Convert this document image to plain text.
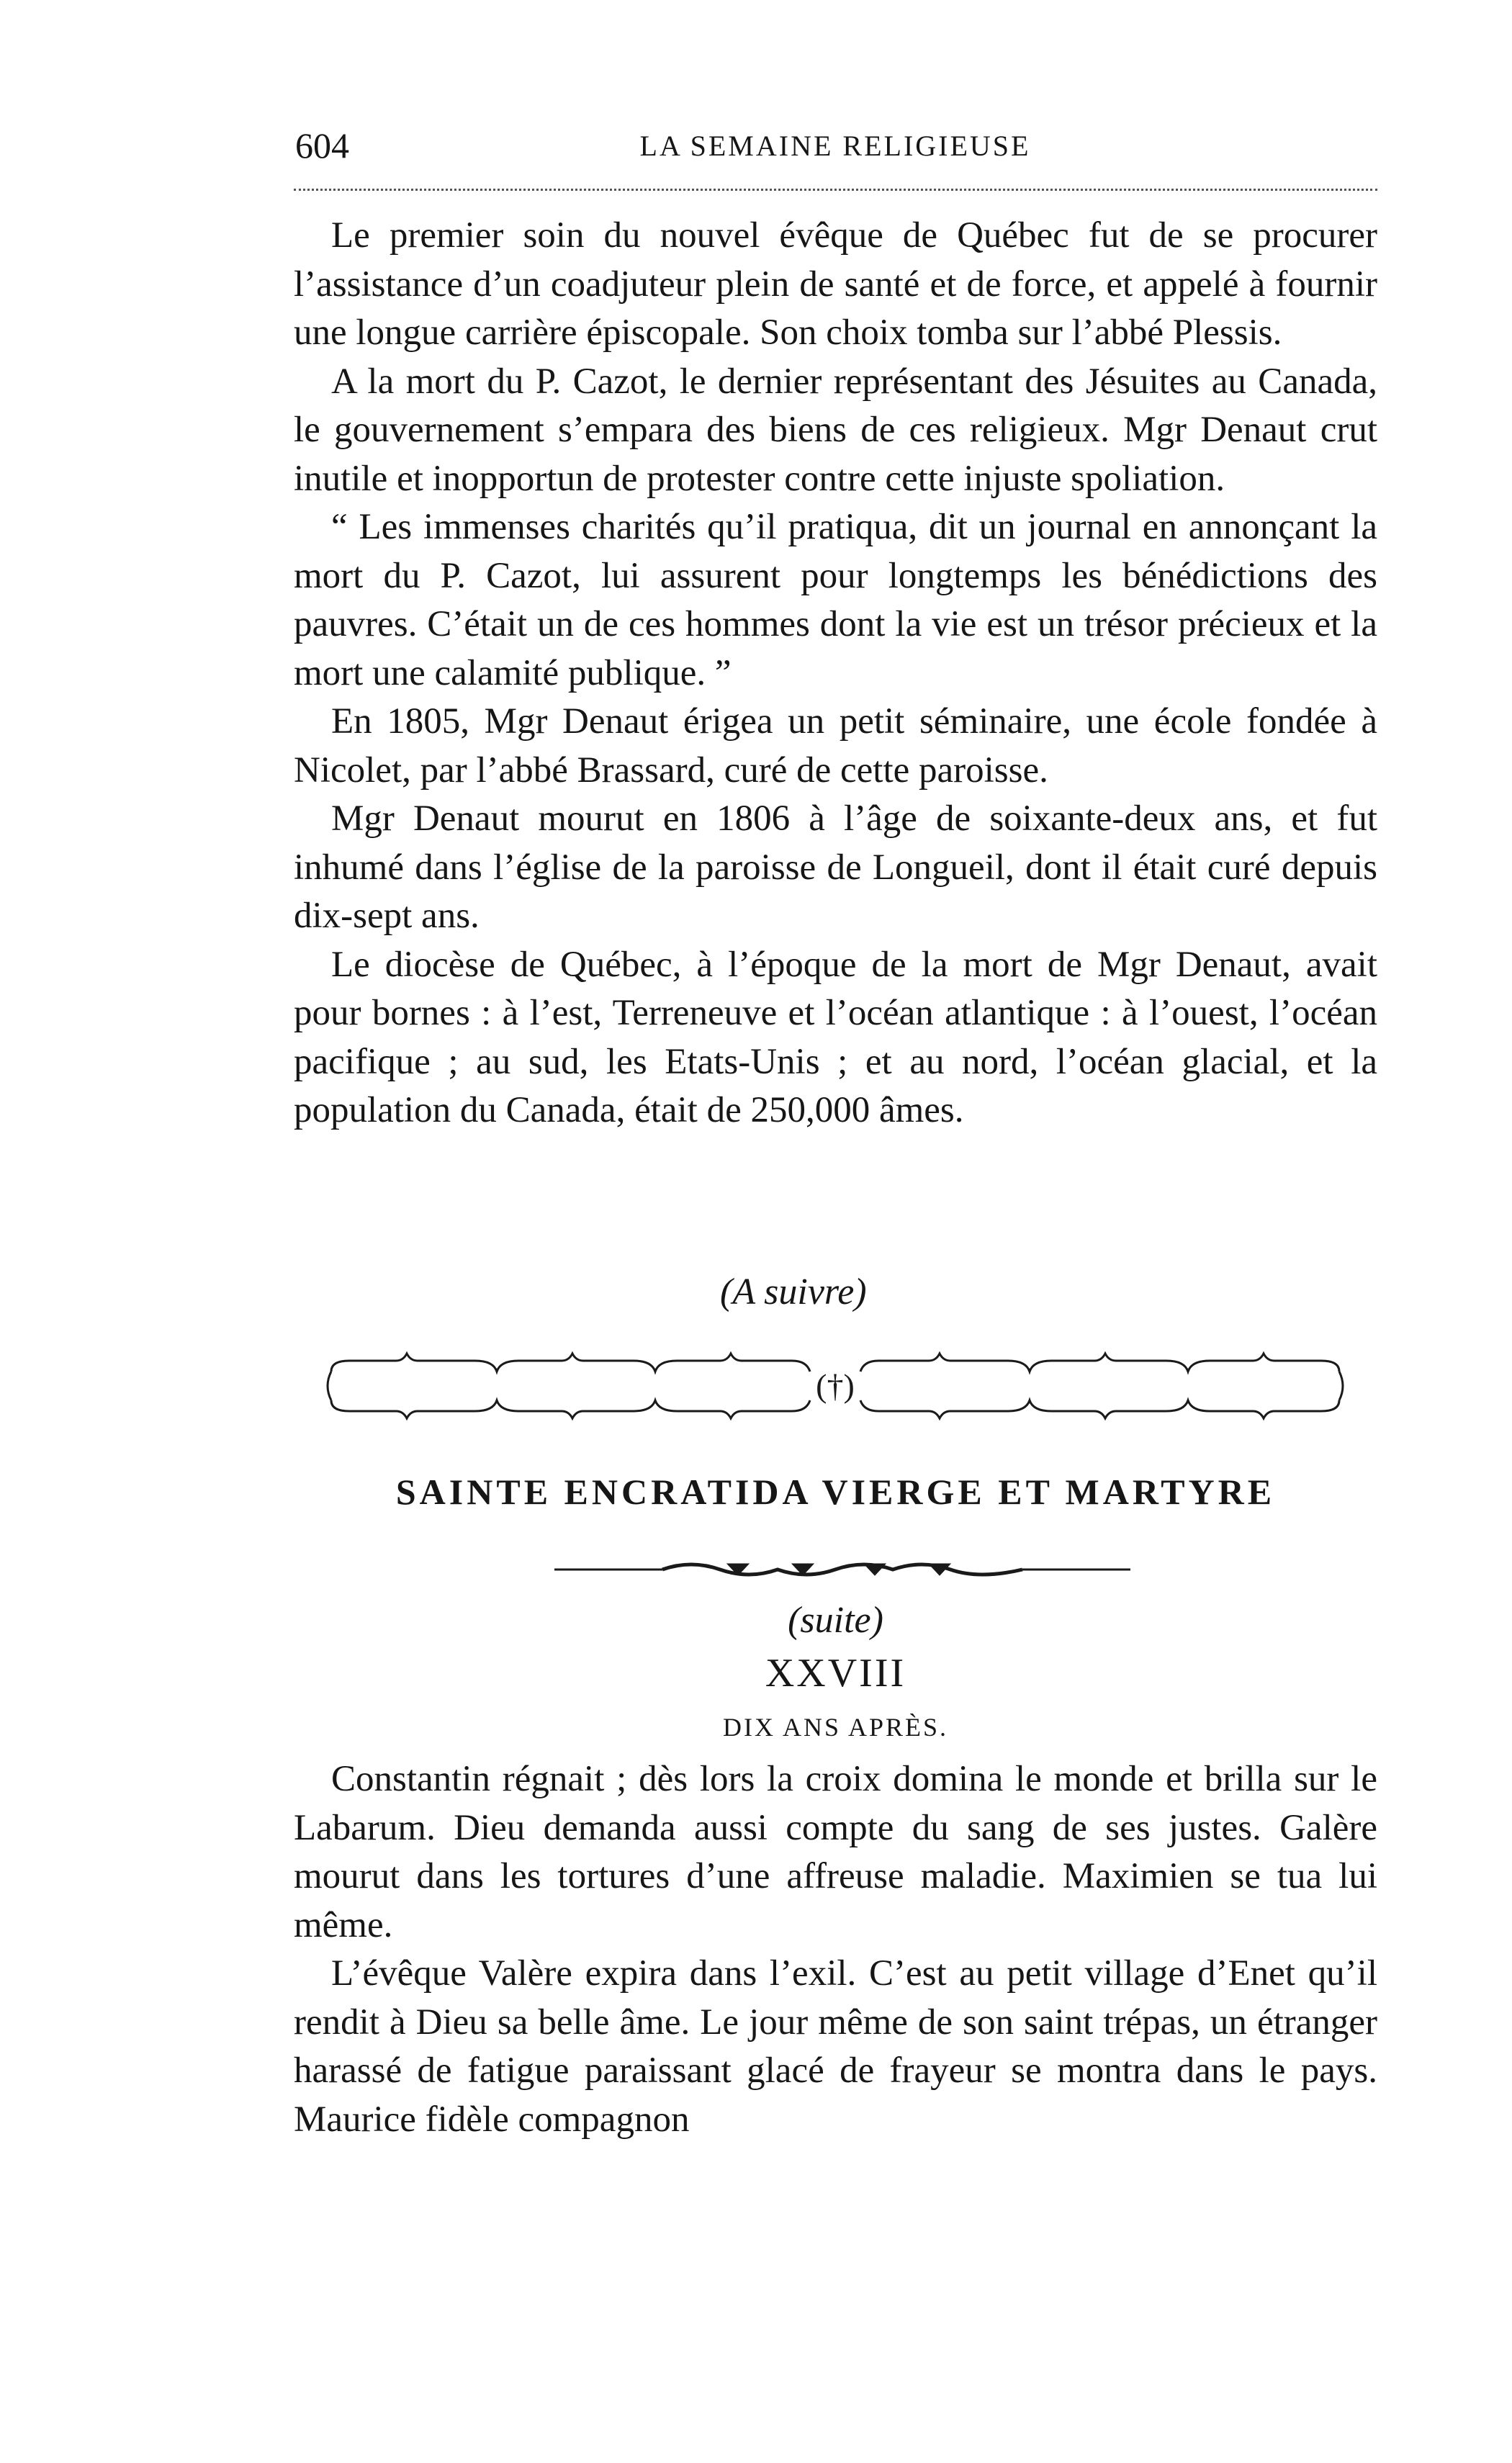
604	LA SEMAINE RELIGIEUSE

Le premier soin du nouvel évêque de Québec fut de se procurer l’assistance d’un coadjuteur plein de santé et de force, et appelé à fournir une longue carrière épiscopale. Son choix tomba sur l’abbé Plessis.

A la mort du P. Cazot, le dernier représentant des Jésuites au Canada, le gouvernement s’empara des biens de ces religieux. Mgr Denaut crut inutile et inopportun de protester contre cette injuste spoliation.

“ Les immenses charités qu’il pratiqua, dit un journal en annonçant la mort du P. Cazot, lui assurent pour longtemps les bénédictions des pauvres. C’était un de ces hommes dont la vie est un trésor précieux et la mort une calamité publique. ”

En 1805, Mgr Denaut érigea un petit séminaire, une école fondée à Nicolet, par l’abbé Brassard, curé de cette paroisse.

Mgr Denaut mourut en 1806 à l’âge de soixante-deux ans, et fut inhumé dans l’église de la paroisse de Longueil, dont il était curé depuis dix-sept ans.

Le diocèse de Québec, à l’époque de la mort de Mgr Denaut, avait pour bornes : à l’est, Terreneuve et l’océan atlantique : à l’ouest, l’océan pacifique ; au sud, les Etats-Unis ; et au nord, l’océan glacial, et la population du Canada, était de 250,000 âmes.

(A suivre)
(†)
SAINTE ENCRATIDA VIERGE ET MARTYRE
(suite)
XXVIII
DIX ANS APRÈS.

Constantin régnait ; dès lors la croix domina le monde et brilla sur le Labarum. Dieu demanda aussi compte du sang de ses justes. Galère mourut dans les tortures d’une affreuse maladie. Maximien se tua lui même.

L’évêque Valère expira dans l’exil. C’est au petit village d’Enet qu’il rendit à Dieu sa belle âme. Le jour même de son saint trépas, un étranger harassé de fatigue paraissant glacé de frayeur se montra dans le pays. Maurice fidèle compagnon
